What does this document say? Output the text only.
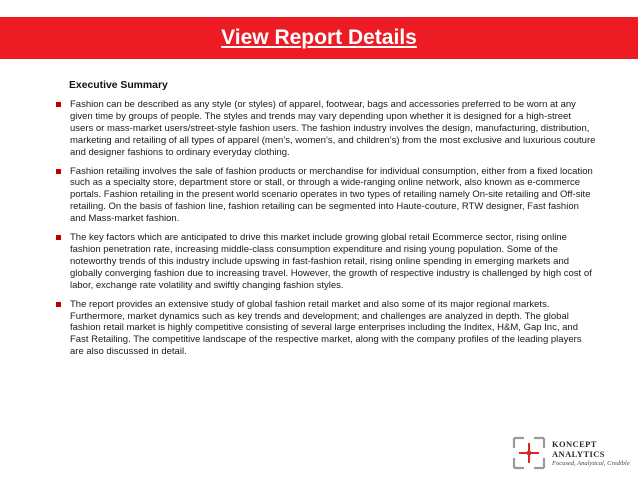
View Report Details
Executive Summary
Fashion can be described as any style (or styles) of apparel, footwear, bags and accessories preferred to be worn at any given time by groups of people. The styles and trends may vary depending upon whether it is designed for a high-street users or mass-market users/street-style fashion users. The fashion industry involves the design, manufacturing, distribution, marketing and retailing of all types of apparel (men’s, women’s, and children’s) from the most exclusive and luxurious couture and designer fashions to ordinary everyday clothing.
Fashion retailing involves the sale of fashion products or merchandise for individual consumption, either from a fixed location such as a specialty store, department store or stall, or through a wide-ranging online network, also known as e-commerce portals. Fashion retailing in the present world scenario operates in two types of retailing namely On-site retailing and Off-site retailing. On the basis of fashion line, fashion retailing can be segmented into Haute-couture, RTW designer, Fast fashion and Mass-market fashion.
The key factors which are anticipated to drive this market include growing global retail Ecommerce sector, rising online fashion penetration rate, increasing middle-class consumption expenditure and rising young population. Some of the noteworthy trends of this industry include upswing in fast-fashion retail, rising online spending in emerging markets and globally converging fashion due to increasing travel. However, the growth of respective industry is challenged by high cost of labor, exchange rate volatility and swiftly changing fashion styles.
The report provides an extensive study of global fashion retail market and also some of its major regional markets. Furthermore, market dynamics such as key trends and development; and challenges are analyzed in depth. The global fashion retail market is highly competitive consisting of several large enterprises including the Inditex, H&M, Gap Inc, and Fast Retailing. The competitive landscape of the respective market, along with the company profiles of the leading players are also discussed in detail.
KONCEPT
ANALYTICS
Focused, Analytical, Credible
